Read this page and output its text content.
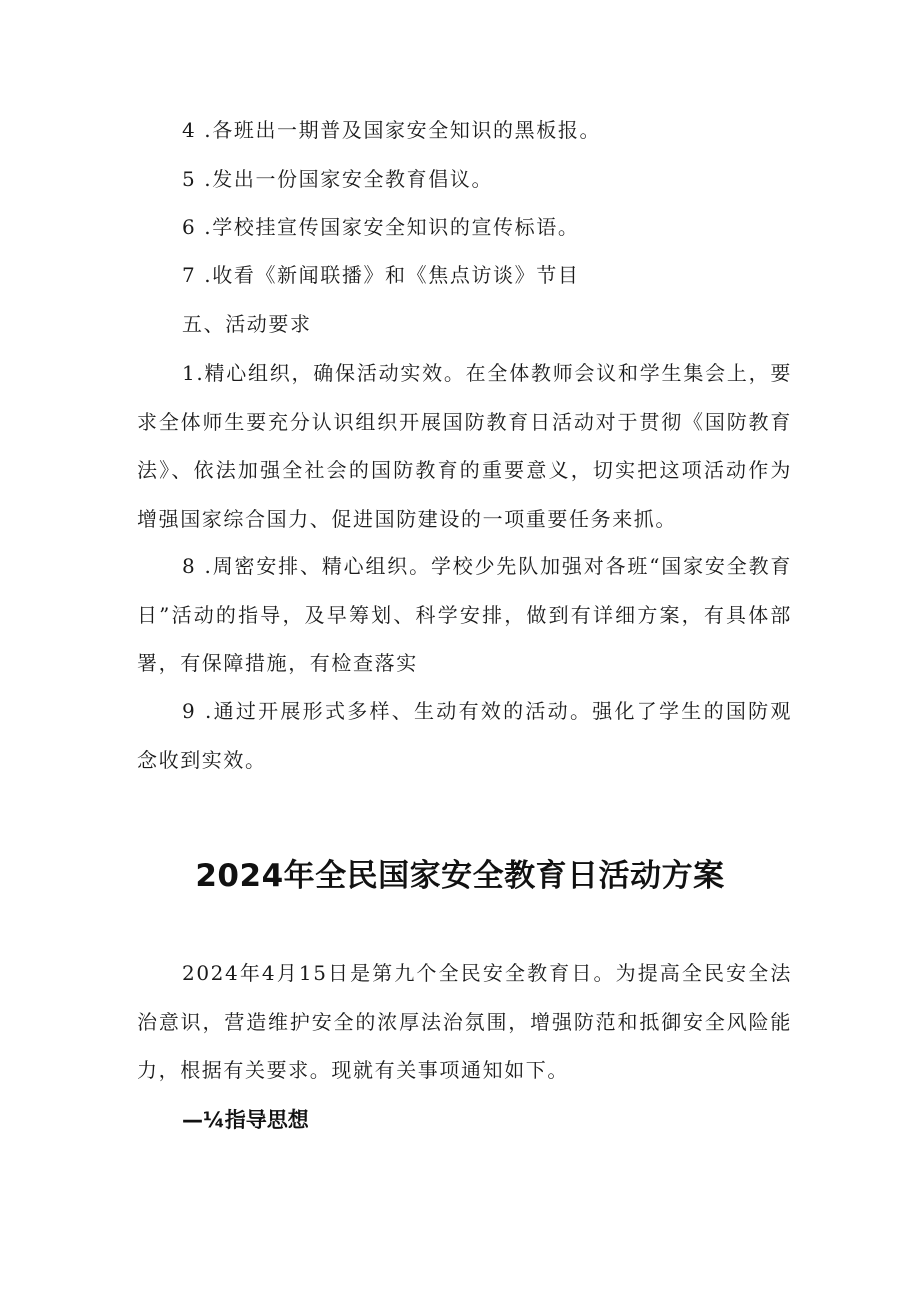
4 .各班出一期普及国家安全知识的黑板报。

5 .发出一份国家安全教育倡议。

6 .学校挂宣传国家安全知识的宣传标语。

7 .收看《新闻联播》和《焦点访谈》节目

五、活动要求

1.精心组织，确保活动实效。在全体教师会议和学生集会上，要求全体师生要充分认识组织开展国防教育日活动对于贯彻《国防教育法》、依法加强全社会的国防教育的重要意义，切实把这项活动作为增强国家综合国力、促进国防建设的一项重要任务来抓。

8 .周密安排、精心组织。学校少先队加强对各班“国家安全教育日”活动的指导，及早筹划、科学安排，做到有详细方案，有具体部署，有保障措施，有检查落实

9 .通过开展形式多样、生动有效的活动。强化了学生的国防观念收到实效。

2024年全民国家安全教育日活动方案

2024年4月15日是第九个全民安全教育日。为提高全民安全法治意识，营造维护安全的浓厚法治氛围，增强防范和抵御安全风险能力，根据有关要求。现就有关事项通知如下。

—¼指导思想
